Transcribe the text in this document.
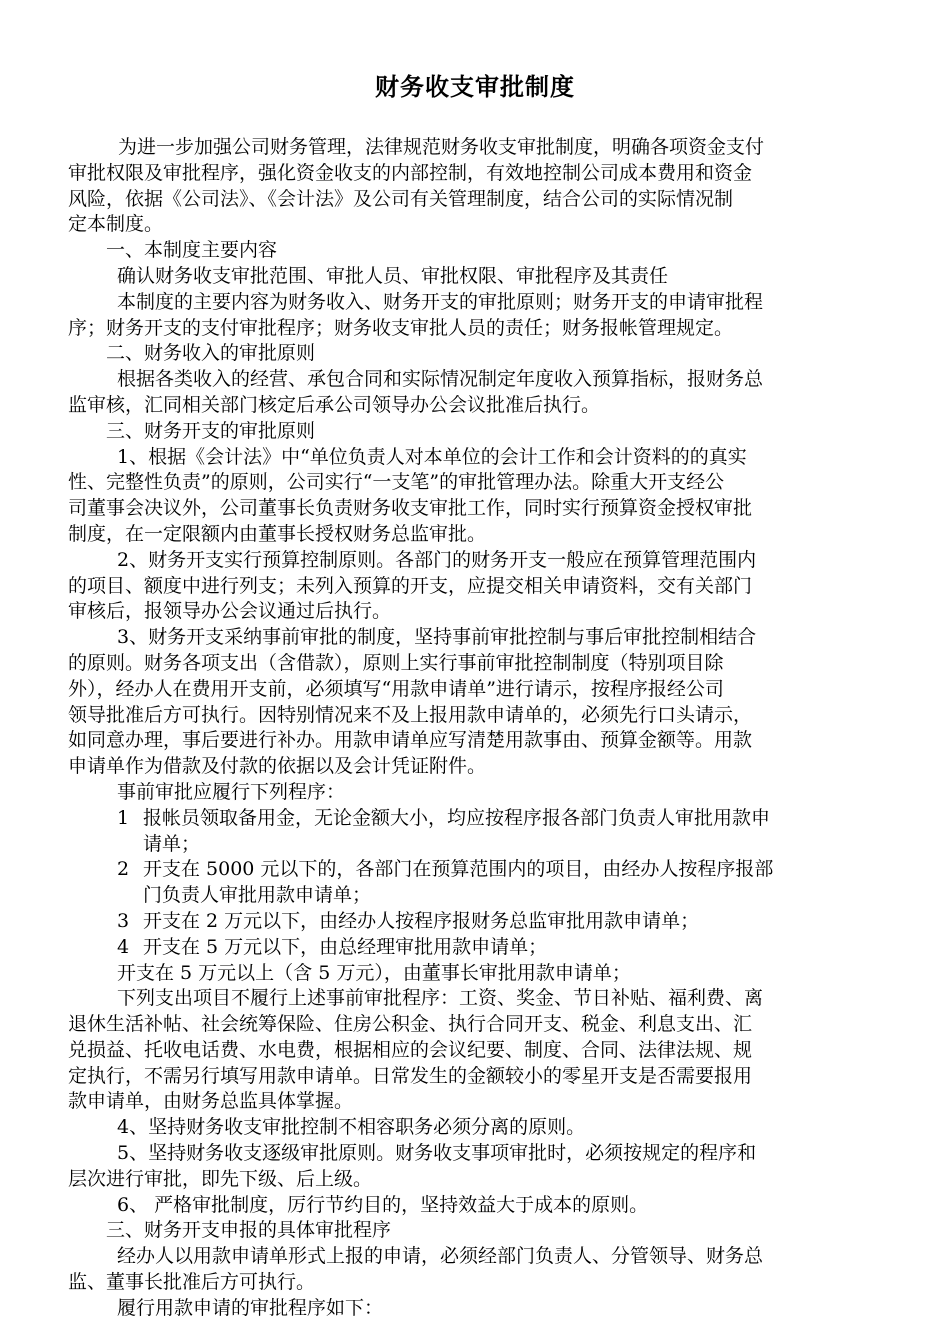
财务收支审批制度

为进一步加强公司财务管理，法律规范财务收支审批制度，明确各项资金支付

审批权限及审批程序，强化资金收支的内部控制，有效地控制公司成本费用和资金

风险，依据《公司法》、《会计法》及公司有关管理制度，结合公司的实际情况制

定本制度。

一、本制度主要内容

确认财务收支审批范围、审批人员、审批权限、审批程序及其责任

本制度的主要内容为财务收入、财务开支的审批原则；财务开支的申请审批程

序；财务开支的支付审批程序；财务收支审批人员的责任；财务报帐管理规定。

二、财务收入的审批原则

根据各类收入的经营、承包合同和实际情况制定年度收入预算指标，报财务总

监审核，汇同相关部门核定后承公司领导办公会议批准后执行。

三、财务开支的审批原则

1、根据《会计法》中“单位负责人对本单位的会计工作和会计资料的的真实

性、完整性负责”的原则，公司实行“一支笔”的审批管理办法。除重大开支经公

司董事会决议外，公司董事长负责财务收支审批工作，同时实行预算资金授权审批

制度，在一定限额内由董事长授权财务总监审批。

2、财务开支实行预算控制原则。各部门的财务开支一般应在预算管理范围内

的项目、额度中进行列支；未列入预算的开支，应提交相关申请资料，交有关部门

审核后，报领导办公会议通过后执行。

3、财务开支采纳事前审批的制度，坚持事前审批控制与事后审批控制相结合

的原则。财务各项支出（含借款），原则上实行事前审批控制制度（特别项目除

外），经办人在费用开支前，必须填写“用款申请单”进行请示，按程序报经公司

领导批准后方可执行。因特别情况来不及上报用款申请单的，必须先行口头请示，

如同意办理，事后要进行补办。用款申请单应写清楚用款事由、预算金额等。用款

申请单作为借款及付款的依据以及会计凭证附件。

事前审批应履行下列程序：

1 报帐员领取备用金，无论金额大小，均应按程序报各部门负责人审批用款申

请单；

2 开支在 5000 元以下的，各部门在预算范围内的项目，由经办人按程序报部

门负责人审批用款申请单；

3 开支在 2 万元以下，由经办人按程序报财务总监审批用款申请单；

4 开支在 5 万元以下，由总经理审批用款申请单；

开支在 5 万元以上（含 5 万元），由董事长审批用款申请单；

下列支出项目不履行上述事前审批程序：工资、奖金、节日补贴、福利费、离

退休生活补帖、社会统筹保险、住房公积金、执行合同开支、税金、利息支出、汇

兑损益、托收电话费、水电费，根据相应的会议纪要、制度、合同、法律法规、规

定执行，不需另行填写用款申请单。日常发生的金额较小的零星开支是否需要报用

款申请单，由财务总监具体掌握。

4、坚持财务收支审批控制不相容职务必须分离的原则。

5、坚持财务收支逐级审批原则。财务收支事项审批时，必须按规定的程序和

层次进行审批，即先下级、后上级。

6、 严格审批制度，厉行节约目的，坚持效益大于成本的原则。

三、财务开支申报的具体审批程序

经办人以用款申请单形式上报的申请，必须经部门负责人、分管领导、财务总

监、董事长批准后方可执行。

履行用款申请的审批程序如下：
